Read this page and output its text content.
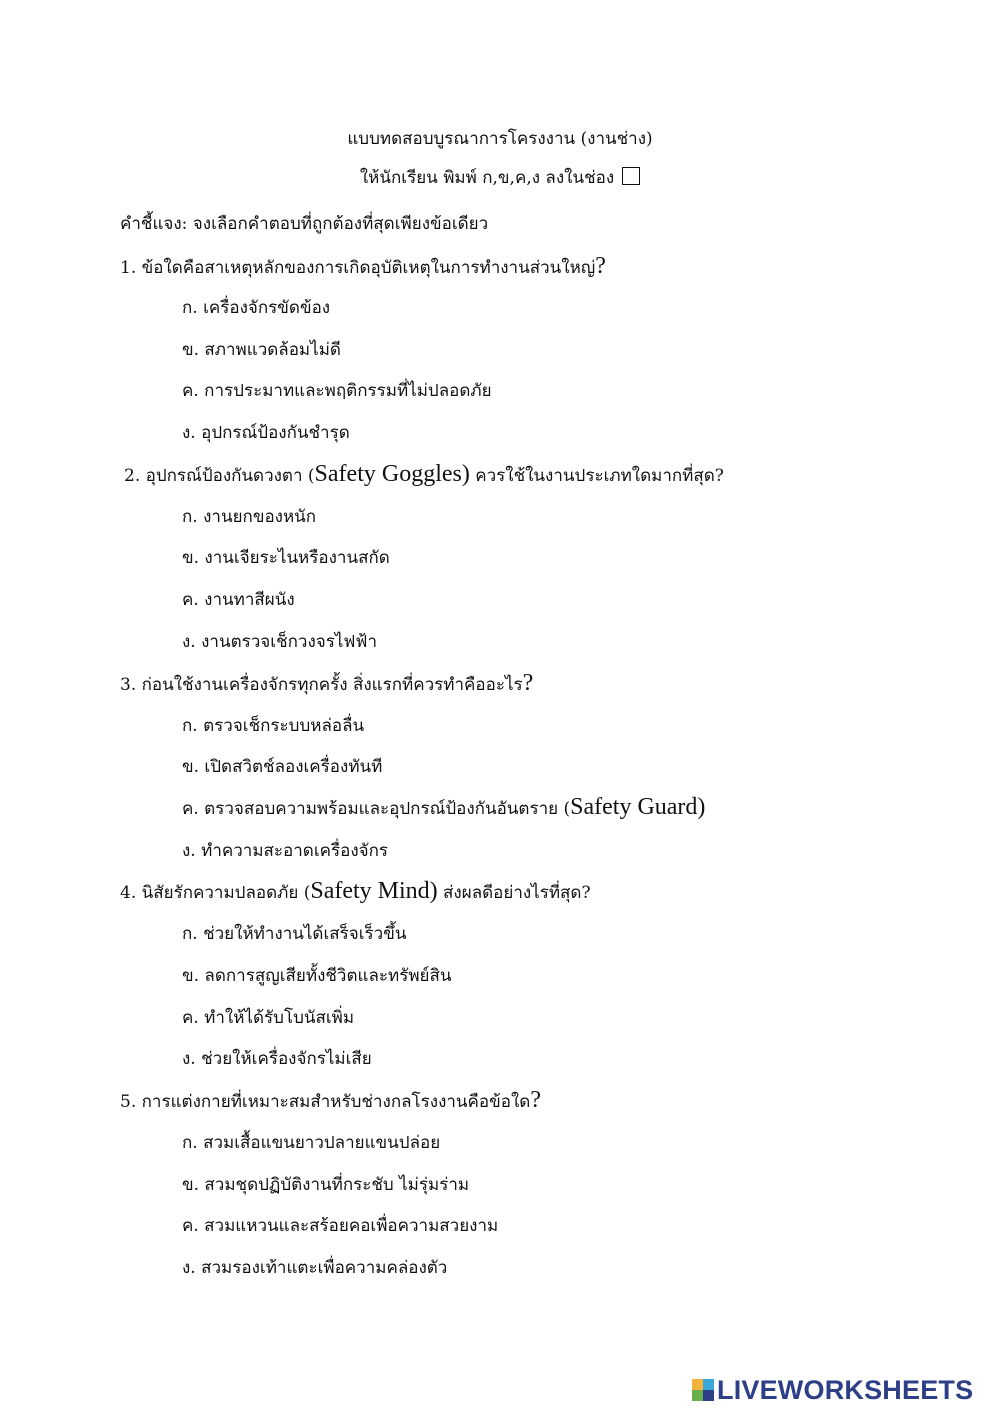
แบบทดสอบบูรณาการโครงงาน (งานช่าง)
ให้นักเรียน พิมพ์ ก,ข,ค,ง ลงในช่อง
คำชี้แจง: จงเลือกคำตอบที่ถูกต้องที่สุดเพียงข้อเดียว
1. ข้อใดคือสาเหตุหลักของการเกิดอุบัติเหตุในการทำงานส่วนใหญ่?
ก. เครื่องจักรขัดข้อง
ข. สภาพแวดล้อมไม่ดี
ค. การประมาทและพฤติกรรมที่ไม่ปลอดภัย
ง. อุปกรณ์ป้องกันชำรุด
2. อุปกรณ์ป้องกันดวงตา (Safety Goggles) ควรใช้ในงานประเภทใดมากที่สุด?
ก. งานยกของหนัก
ข. งานเจียระไนหรืองานสกัด
ค. งานทาสีผนัง
ง. งานตรวจเช็กวงจรไฟฟ้า
3. ก่อนใช้งานเครื่องจักรทุกครั้ง สิ่งแรกที่ควรทำคืออะไร?
ก. ตรวจเช็กระบบหล่อลื่น
ข. เปิดสวิตช์ลองเครื่องทันที
ค. ตรวจสอบความพร้อมและอุปกรณ์ป้องกันอันตราย (Safety Guard)
ง. ทำความสะอาดเครื่องจักร
4. นิสัยรักความปลอดภัย (Safety Mind) ส่งผลดีอย่างไรที่สุด?
ก. ช่วยให้ทำงานได้เสร็จเร็วขึ้น
ข. ลดการสูญเสียทั้งชีวิตและทรัพย์สิน
ค. ทำให้ได้รับโบนัสเพิ่ม
ง. ช่วยให้เครื่องจักรไม่เสีย
5. การแต่งกายที่เหมาะสมสำหรับช่างกลโรงงานคือข้อใด?
ก. สวมเสื้อแขนยาวปลายแขนปล่อย
ข. สวมชุดปฏิบัติงานที่กระชับ ไม่รุ่มร่าม
ค. สวมแหวนและสร้อยคอเพื่อความสวยงาม
ง. สวมรองเท้าแตะเพื่อความคล่องตัว
LIVEWORKSHEETS
